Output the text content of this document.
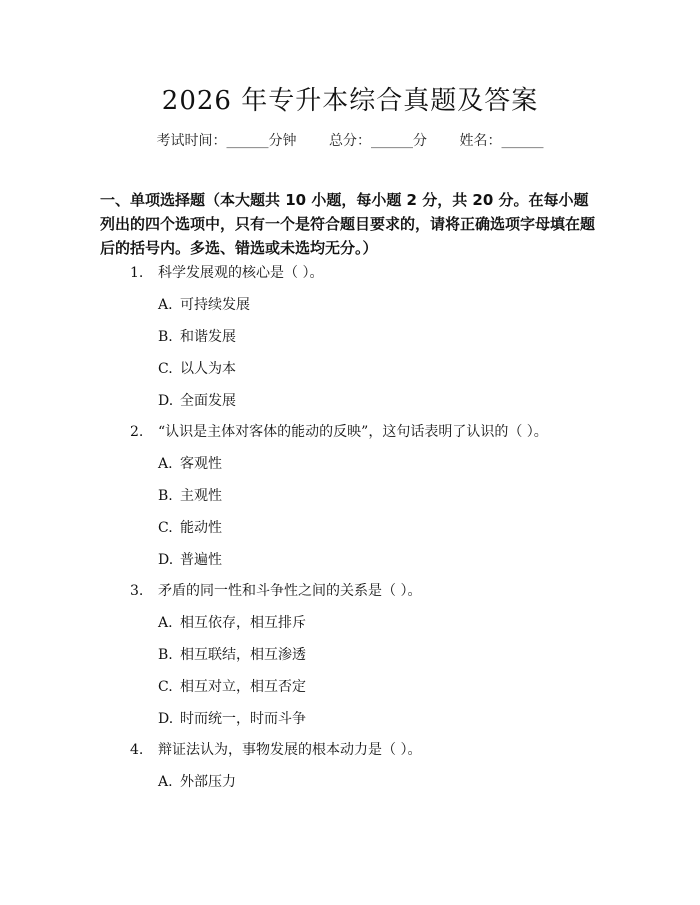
2026 年专升本综合真题及答案
考试时间：______分钟 总分：______分 姓名：______
一、单项选择题（本大题共 10 小题，每小题 2 分，共 20 分。在每小题列出的四个选项中，只有一个是符合题目要求的，请将正确选项字母填在题后的括号内。多选、错选或未选均无分。）
1. 科学发展观的核心是（ ）。
A. 可持续发展
B. 和谐发展
C. 以人为本
D. 全面发展
2. “认识是主体对客体的能动的反映”，这句话表明了认识的（ ）。
A. 客观性
B. 主观性
C. 能动性
D. 普遍性
3. 矛盾的同一性和斗争性之间的关系是（ ）。
A. 相互依存，相互排斥
B. 相互联结，相互渗透
C. 相互对立，相互否定
D. 时而统一，时而斗争
4. 辩证法认为，事物发展的根本动力是（ ）。
A. 外部压力
